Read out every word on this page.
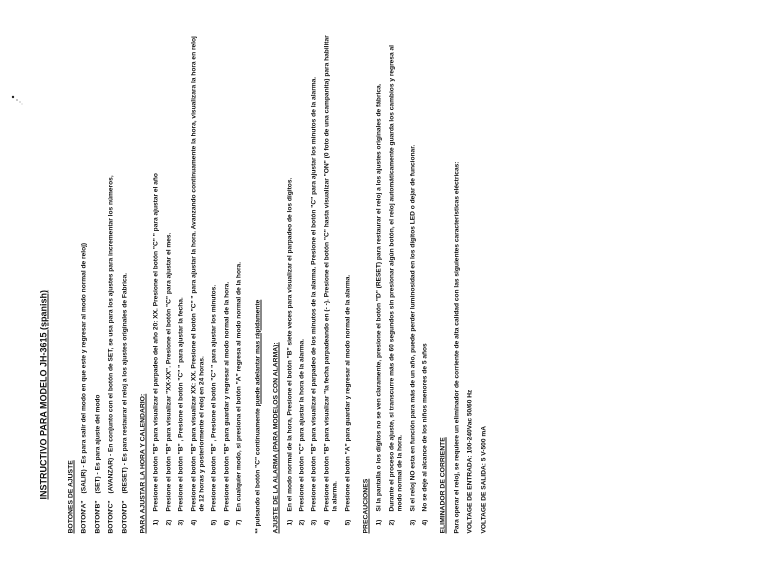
INSTRUCTIVO PARA MODELO JH-3615 (spanish)	BOTONES DE AJUSTE BOTON
"A"
(SALIR) - Es para salir del modo en que este y regresar al modo normal de reloj)
BOTON
"B"
(SET) - Es para ajuste del modo
BOTON
"C"
(AVANZAR) - En conjunto con el botón de SET, se usa para los ajustes para incrementar los números,
BOTON
"D"
(RESET) - Es para restaurar el reloj a los ajustes originales de Fabrica. PARA AJUSTAR LA HORA Y CALENDARIO: 1)
Presione el botón "B" para visualizar el parpadeo del año 20: XX. Presione el botón "C" " para ajustar el año
2)
Presione el botón "B" para visualizar "XX-XX". Presione el botón "C" para ajustar el mes.
3)
Presione el botón "B" , Presione el botón "C" " para ajustar la fecha.
4)
Presione el botón "B" para visualizar XX: XX. Presione el botón "C" " para ajustar la hora. Avanzando continuamente la hora, visualizara la hora en reloj de 12 horas y posteriormente el reloj en 24 horas.
5)
Presione el botón "B" , Presione el botón "C" " para ajustar los minutos.
6)
Presione el botón "B" para guardar y regresar al modo normal de la hora.
7)
En cualquier modo, si presiona el botón "A" regresa al modo normal de la hora. ** pulsando el botón "C" continuamente puede adelantar mas rápidamente AJUSTE DE LA ALARMA (PARA MODELOS CON ALARMA): 1)
En el modo normal de la hora, Presione el botón "B" siete veces para visualizar el parpadeo de los dígitos.
2)
Presione el botón "C" para ajustar la hora de la alarma.
3)
Presione el botón "B" para visualizar el parpadeo de los minutos de la alarma. Presione el botón "C" para ajustar los minutos de la alarma.
4)
Presione el botón "B" para visualizar "la fecha parpadeando en (- -). Presione el botón "C" hasta visualizar "ON" (0 foto de una campanita) para habilitar la alarma.
5)
Presione el botón "A" para guardar y regresar al modo normal de la alarma. PRECAUCIONES 1)
Si la pantalla o los dígitos no se ven claramente, presione el botón "D" (RESET) para restaurar el reloj a los ajustes originales de fábrica.
2)
Durante el proceso de ajuste, si transcurre más de 60 segundos sin presionar algún botón, el reloj automáticamente guarda los cambios y regresa al modo normal de la hora.
3)
Si el reloj NO esta en función para más de un año, puede perder luminosidad en los dígitos LED o dejar de funcionar.
4)
No se deje al alcance de los niños menores de 5 años ELIMINADOR DE CORRIENTE Para operar el reloj, se requiere un eliminador de corriente de alta calidad con las siguientes características eléctricas: VOLTAGE DE ENTRADA: 100-240Vac 50/60 Hz VOLTAGE DE SALIDA: 5 V-500 mA
